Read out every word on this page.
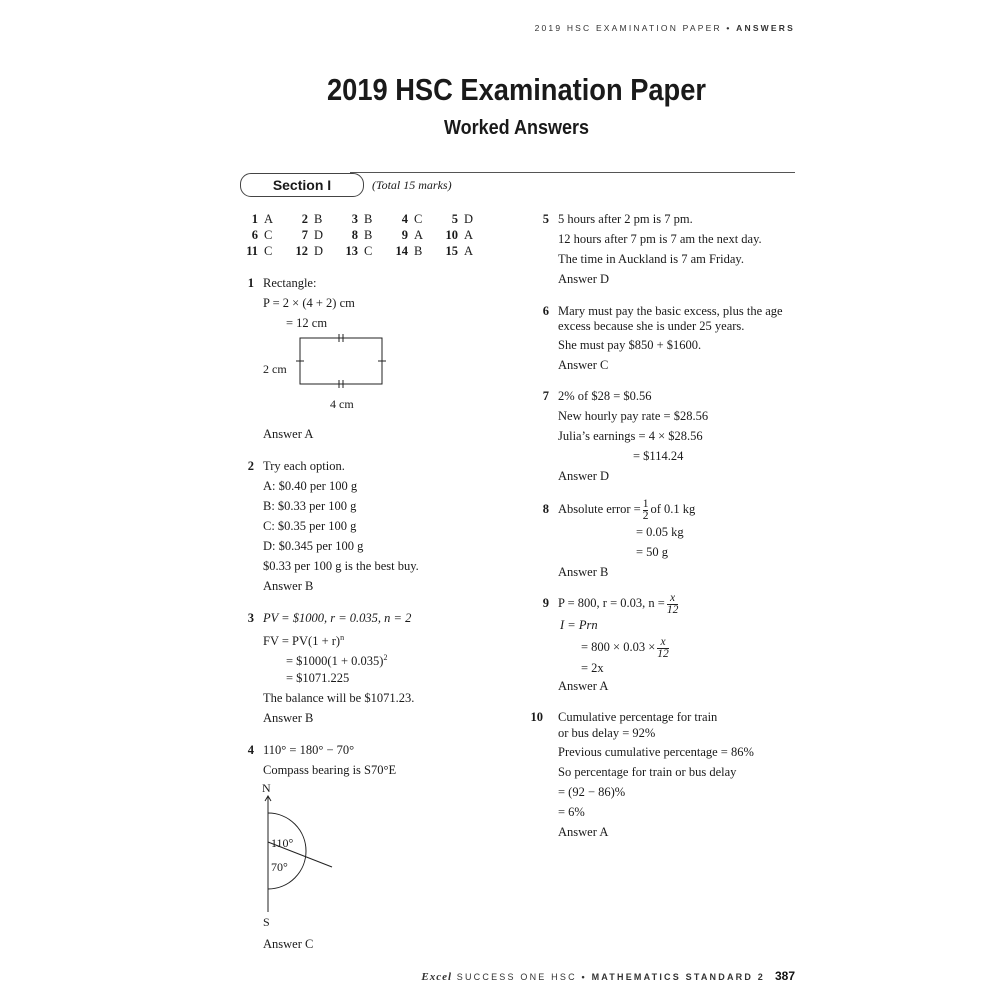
2019 HSC EXAMINATION PAPER • ANSWERS
2019 HSC Examination Paper
Worked Answers
Section I	(Total 15 marks)
1	A	2	B	3	B	4	C	5	D
6	C	7	D	8	B	9	A	10	A
11	C	12	D	13	C	14	B	15	A
1 Rectangle:
P = 2 × (4 + 2) cm
= 12 cm
2 cm
4 cm
Answer A
2 Try each option.
A: $0.40 per 100 g
B: $0.33 per 100 g
C: $0.35 per 100 g
D: $0.345 per 100 g
$0.33 per 100 g is the best buy.
Answer B
3 PV = $1000, r = 0.035, n = 2
FV = $PV(1 + r)^n$
= $1000(1 + 0.035)$^2$
= $1071.225
The balance will be $1071.23.
Answer B
4 110° = 180° − 70°
Compass bearing is S70°E
N
110°
70°
S
Answer C
5 5 hours after 2 pm is 7 pm.
12 hours after 7 pm is 7 am the next day.
The time in Auckland is 7 am Friday.
Answer D
6 Mary must pay the basic excess, plus the age
excess because she is under 25 years.
She must pay $850 + $1600.
Answer C
7 2% of $28 = $0.56
New hourly pay rate = $28.56
Julia’s earnings = 4 × $28.56
= $114.24
Answer D
8 Absolute error = $\frac{1}{2}$ of 0.1 kg
= 0.05 kg
= 50 g
Answer B
9 P = 800, r = 0.03, $n = \frac{x}{12}$
I = Prn
= $800 \times 0.03 \times \frac{x}{12}$
= 2x
Answer A
10 Cumulative percentage for train
or bus delay = 92%
Previous cumulative percentage = 86%
So percentage for train or bus delay
= (92 − 86)%
= 6%
Answer A
Excel SUCCESS ONE HSC • MATHEMATICS STANDARD 2 387
